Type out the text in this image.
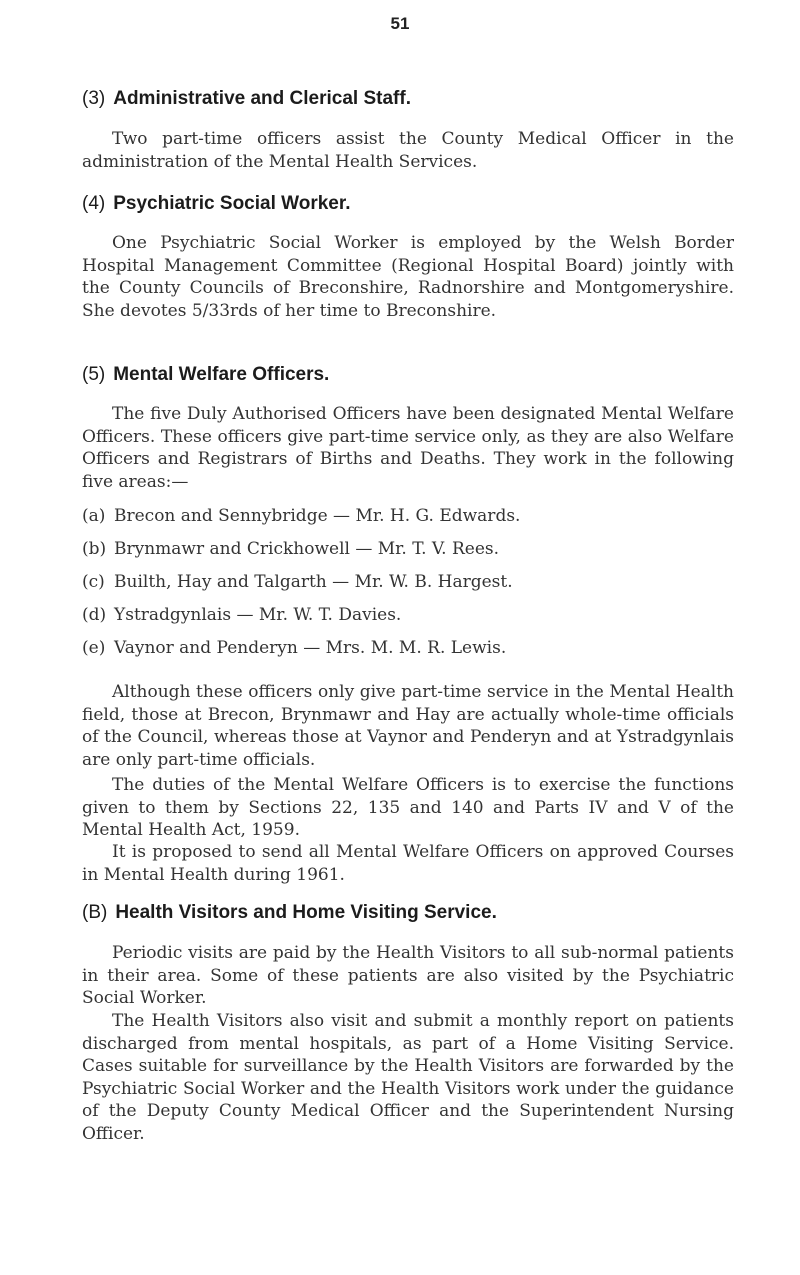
51
(3) Administrative and Clerical Staff.

Two part-time officers assist the County Medical Officer in the administration of the Mental Health Services.

(4) Psychiatric Social Worker.

One Psychiatric Social Worker is employed by the Welsh Border Hospital Management Committee (Regional Hospital Board) jointly with the County Councils of Breconshire, Radnorshire and Montgomeryshire. She devotes 5/33rds of her time to Breconshire.

(5) Mental Welfare Officers.

The five Duly Authorised Officers have been designated Mental Welfare Officers. These officers give part-time service only, as they are also Welfare Officers and Registrars of Births and Deaths. They work in the following five areas:—

(a) Brecon and Sennybridge — Mr. H. G. Edwards.
(b) Brynmawr and Crickhowell — Mr. T. V. Rees.
(c) Builth, Hay and Talgarth — Mr. W. B. Hargest.
(d) Ystradgynlais — Mr. W. T. Davies.
(e) Vaynor and Penderyn — Mrs. M. M. R. Lewis.

Although these officers only give part-time service in the Mental Health field, those at Brecon, Brynmawr and Hay are actually whole-time officials of the Council, whereas those at Vaynor and Penderyn and at Ystradgynlais are only part-time officials.

The duties of the Mental Welfare Officers is to exercise the functions given to them by Sections 22, 135 and 140 and Parts IV and V of the Mental Health Act, 1959.

It is proposed to send all Mental Welfare Officers on approved Courses in Mental Health during 1961.

(B) Health Visitors and Home Visiting Service.

Periodic visits are paid by the Health Visitors to all sub-normal patients in their area. Some of these patients are also visited by the Psychiatric Social Worker.

The Health Visitors also visit and submit a monthly report on patients discharged from mental hospitals, as part of a Home Visiting Service. Cases suitable for surveillance by the Health Visitors are forwarded by the Psychiatric Social Worker and the Health Visitors work under the guidance of the Deputy County Medical Officer and the Superintendent Nursing Officer.
